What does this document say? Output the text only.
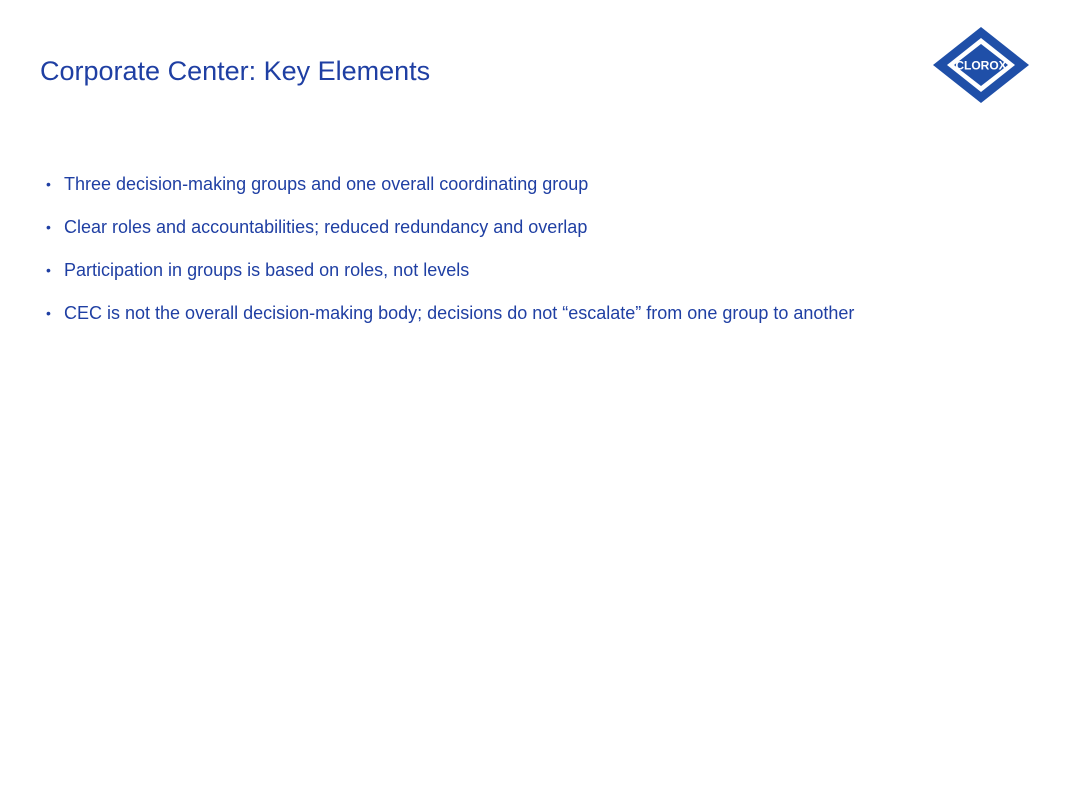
Corporate Center: Key Elements	CLOROX
• Three decision-making groups and one overall coordinating group
• Clear roles and accountabilities; reduced redundancy and overlap
• Participation in groups is based on roles, not levels
• CEC is not the overall decision-making body; decisions do not “escalate” from one group to another
